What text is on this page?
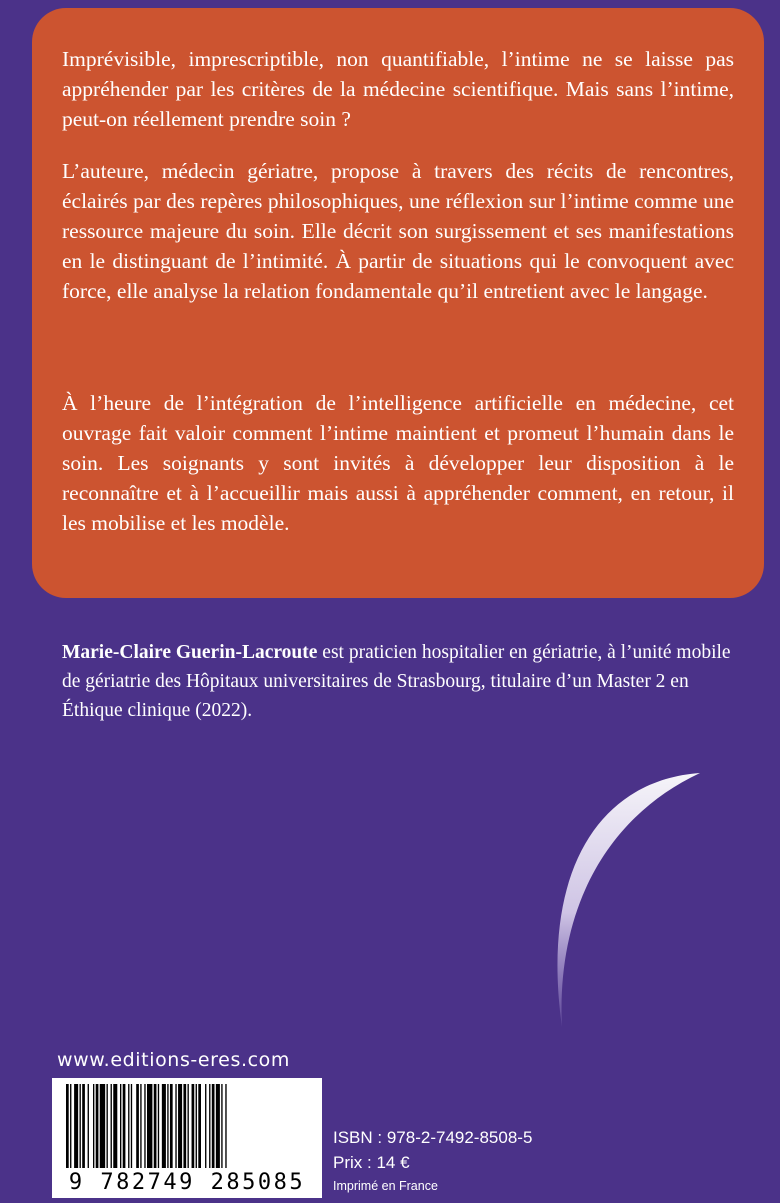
Imprévisible, imprescriptible, non quantifiable, l’intime ne se laisse pas appréhender par les critères de la médecine scientifique. Mais sans l’intime, peut-on réellement prendre soin ?

L’auteure, médecin gériatre, propose à travers des récits de rencontres, éclairés par des repères philosophiques, une réflexion sur l’intime comme une ressource majeure du soin. Elle décrit son surgissement et ses manifestations en le distinguant de l’intimité. À partir de situations qui le convoquent avec force, elle analyse la relation fondamentale qu’il entretient avec le langage.

À l’heure de l’intégration de l’intelligence artificielle en médecine, cet ouvrage fait valoir comment l’intime maintient et promeut l’humain dans le soin. Les soignants y sont invités à développer leur disposition à le reconnaître et à l’accueillir mais aussi à appréhender comment, en retour, il les mobilise et les modèle.

Marie-Claire Guerin-Lacroute est praticien hospitalier en gériatrie, à l’unité mobile de gériatrie des Hôpitaux universitaires de Strasbourg, titulaire d’un Master 2 en Éthique clinique (2022).

www.editions-eres.com
9 782749 285085
ISBN : 978-2-7492-8508-5
Prix : 14 €
Imprimé en France
